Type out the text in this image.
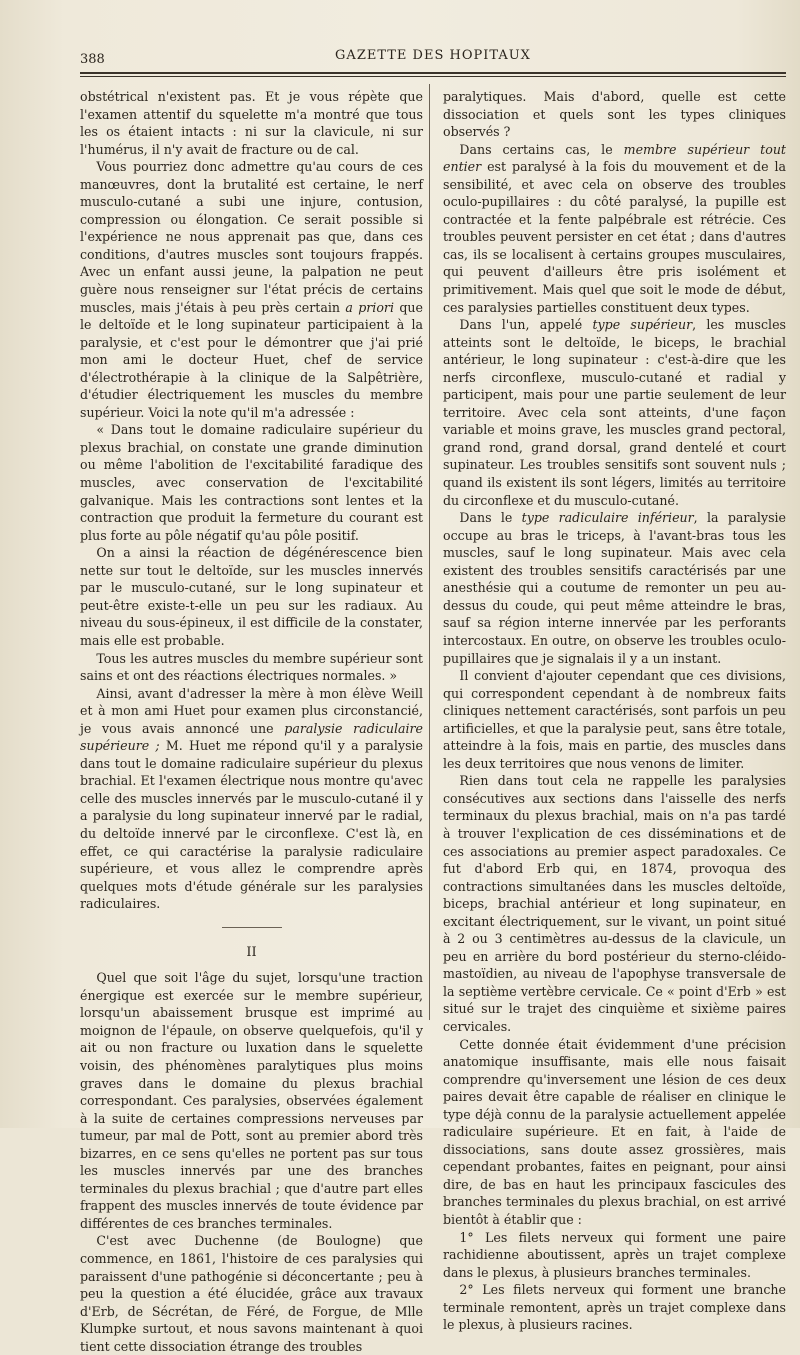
388	GAZETTE DES HOPITAUX

obstétrical n'existent pas. Et je vous répète que l'examen attentif du squelette m'a montré que tous les os étaient intacts : ni sur la clavicule, ni sur l'humérus, il n'y avait de fracture ou de cal.

Vous pourriez donc admettre qu'au cours de ces manœuvres, dont la brutalité est certaine, le nerf musculo-cutané a subi une injure, contusion, compression ou élongation. Ce serait possible si l'expérience ne nous apprenait pas que, dans ces conditions, d'autres muscles sont toujours frappés. Avec un enfant aussi jeune, la palpation ne peut guère nous renseigner sur l'état précis de certains muscles, mais j'étais à peu près certain a priori que le deltoïde et le long supinateur participaient à la paralysie, et c'est pour le démontrer que j'ai prié mon ami le docteur Huet, chef de service d'électrothérapie à la clinique de la Salpêtrière, d'étudier électriquement les muscles du membre supérieur. Voici la note qu'il m'a adressée :

« Dans tout le domaine radiculaire supérieur du plexus brachial, on constate une grande diminution ou même l'abolition de l'excitabilité faradique des muscles, avec conservation de l'excitabilité galvanique. Mais les contractions sont lentes et la contraction que produit la fermeture du courant est plus forte au pôle négatif qu'au pôle positif.

On a ainsi la réaction de dégénérescence bien nette sur tout le deltoïde, sur les muscles innervés par le musculo-cutané, sur le long supinateur et peut-être existe-t-elle un peu sur les radiaux. Au niveau du sous-épineux, il est difficile de la constater, mais elle est probable.

Tous les autres muscles du membre supérieur sont sains et ont des réactions électriques normales. »

Ainsi, avant d'adresser la mère à mon élève Weill et à mon ami Huet pour examen plus circonstancié, je vous avais annoncé une paralysie radiculaire supérieure ; M. Huet me répond qu'il y a paralysie dans tout le domaine radiculaire supérieur du plexus brachial. Et l'examen électrique nous montre qu'avec celle des muscles innervés par le musculo-cutané il y a paralysie du long supinateur innervé par le radial, du deltoïde innervé par le circonflexe. C'est là, en effet, ce qui caractérise la paralysie radiculaire supérieure, et vous allez le comprendre après quelques mots d'étude générale sur les paralysies radiculaires.

II

Quel que soit l'âge du sujet, lorsqu'une traction énergique est exercée sur le membre supérieur, lorsqu'un abaissement brusque est imprimé au moignon de l'épaule, on observe quelquefois, qu'il y ait ou non fracture ou luxation dans le squelette voisin, des phénomènes paralytiques plus moins graves dans le domaine du plexus brachial correspondant. Ces paralysies, observées également à la suite de certaines compressions nerveuses par tumeur, par mal de Pott, sont au premier abord très bizarres, en ce sens qu'elles ne portent pas sur tous les muscles innervés par une des branches terminales du plexus brachial ; que d'autre part elles frappent des muscles innervés de toute évidence par différentes de ces branches terminales.

C'est avec Duchenne (de Boulogne) que commence, en 1861, l'histoire de ces paralysies qui paraissent d'une pathogénie si déconcertante ; peu à peu la question a été élucidée, grâce aux travaux d'Erb, de Sécrétan, de Féré, de Forgue, de Mlle Klumpke surtout, et nous savons maintenant à quoi tient cette dissociation étrange des troubles

paralytiques. Mais d'abord, quelle est cette dissociation et quels sont les types cliniques observés ?

Dans certains cas, le membre supérieur tout entier est paralysé à la fois du mouvement et de la sensibilité, et avec cela on observe des troubles oculo-pupillaires : du côté paralysé, la pupille est contractée et la fente palpébrale est rétrécie. Ces troubles peuvent persister en cet état ; dans d'autres cas, ils se localisent à certains groupes musculaires, qui peuvent d'ailleurs être pris isolément et primitivement. Mais quel que soit le mode de début, ces paralysies partielles constituent deux types.

Dans l'un, appelé type supérieur, les muscles atteints sont le deltoïde, le biceps, le brachial antérieur, le long supinateur : c'est-à-dire que les nerfs circonflexe, musculo-cutané et radial y participent, mais pour une partie seulement de leur territoire. Avec cela sont atteints, d'une façon variable et moins grave, les muscles grand pectoral, grand rond, grand dorsal, grand dentelé et court supinateur. Les troubles sensitifs sont souvent nuls ; quand ils existent ils sont légers, limités au territoire du circonflexe et du musculo-cutané.

Dans le type radiculaire inférieur, la paralysie occupe au bras le triceps, à l'avant-bras tous les muscles, sauf le long supinateur. Mais avec cela existent des troubles sensitifs caractérisés par une anesthésie qui a coutume de remonter un peu au-dessus du coude, qui peut même atteindre le bras, sauf sa région interne innervée par les perforants intercostaux. En outre, on observe les troubles oculo-pupillaires que je signalais il y a un instant.

Il convient d'ajouter cependant que ces divisions, qui correspondent cependant à de nombreux faits cliniques nettement caractérisés, sont parfois un peu artificielles, et que la paralysie peut, sans être totale, atteindre à la fois, mais en partie, des muscles dans les deux territoires que nous venons de limiter.

Rien dans tout cela ne rappelle les paralysies consécutives aux sections dans l'aisselle des nerfs terminaux du plexus brachial, mais on n'a pas tardé à trouver l'explication de ces disséminations et de ces associations au premier aspect paradoxales. Ce fut d'abord Erb qui, en 1874, provoqua des contractions simultanées dans les muscles deltoïde, biceps, brachial antérieur et long supinateur, en excitant électriquement, sur le vivant, un point situé à 2 ou 3 centimètres au-dessus de la clavicule, un peu en arrière du bord postérieur du sterno-cléido-mastoïdien, au niveau de l'apophyse transversale de la septième vertèbre cervicale. Ce « point d'Erb » est situé sur le trajet des cinquième et sixième paires cervicales.

Cette donnée était évidemment d'une précision anatomique insuffisante, mais elle nous faisait comprendre qu'inversement une lésion de ces deux paires devait être capable de réaliser en clinique le type déjà connu de la paralysie actuellement appelée radiculaire supérieure. Et en fait, à l'aide de dissociations, sans doute assez grossières, mais cependant probantes, faites en peignant, pour ainsi dire, de bas en haut les principaux fascicules des branches terminales du plexus brachial, on est arrivé bientôt à établir que :

1° Les filets nerveux qui forment une paire rachidienne aboutissent, après un trajet complexe dans le plexus, à plusieurs branches terminales.

2° Les filets nerveux qui forment une branche terminale remontent, après un trajet complexe dans le plexus, à plusieurs racines.
